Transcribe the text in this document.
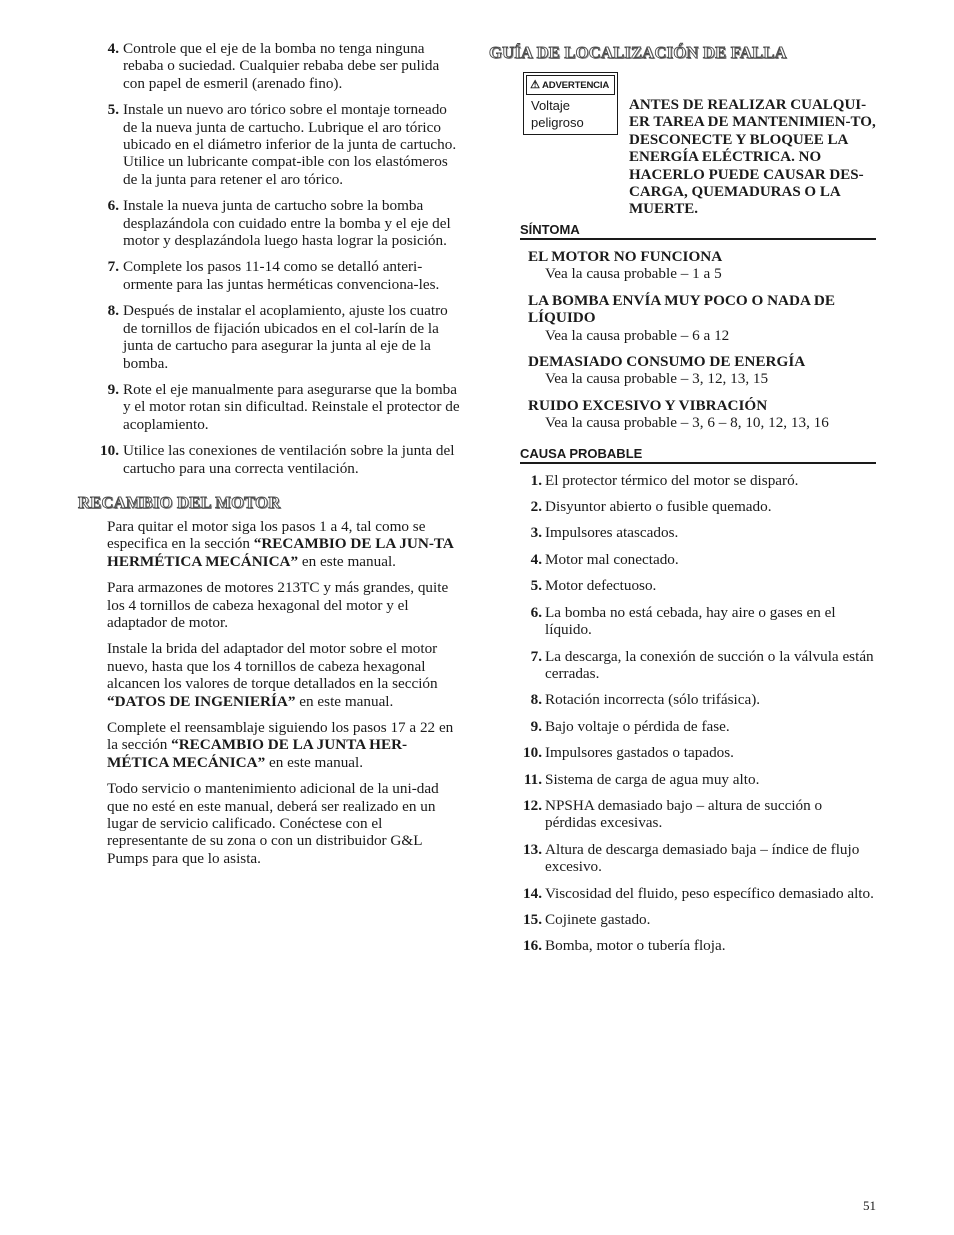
4. Controle que el eje de la bomba no tenga ninguna rebaba o suciedad. Cualquier rebaba debe ser pulida con papel de esmeril (arenado fino).
5. Instale un nuevo aro tórico sobre el montaje torneado de la nueva junta de cartucho. Lubrique el aro tórico ubicado en el diámetro inferior de la junta de cartucho. Utilice un lubricante compat-ible con los elastómeros de la junta para retener el aro tórico.
6. Instale la nueva junta de cartucho sobre la bomba desplazándola con cuidado entre la bomba y el eje del motor y desplazándola luego hasta lograr la posición.
7. Complete los pasos 11-14 como se detalló anteri-ormente para las juntas herméticas convenciona-les.
8. Después de instalar el acoplamiento, ajuste los cuatro de tornillos de fijación ubicados en el col-larín de la junta de cartucho para asegurar la junta al eje de la bomba.
9. Rote el eje manualmente para asegurarse que la bomba y el motor rotan sin dificultad. Reinstale el protector de acoplamiento.
10. Utilice las conexiones de ventilación sobre la junta del cartucho para una correcta ventilación.
RECAMBIO DEL MOTOR

Para quitar el motor siga los pasos 1 a 4, tal como se especifica en la sección “RECAMBIO DE LA JUN-TA HERMÉTICA MECÁNICA” en este manual.

Para armazones de motores 213TC y más grandes, quite los 4 tornillos de cabeza hexagonal del motor y el adaptador de motor.

Instale la brida del adaptador del motor sobre el motor nuevo, hasta que los 4 tornillos de cabeza hexagonal alcancen los valores de torque detallados en la sección “DATOS DE INGENIERÍA” en este manual.

Complete el reensamblaje siguiendo los pasos 17 a 22 en la sección “RECAMBIO DE LA JUNTA HER-MÉTICA MECÁNICA” en este manual.

Todo servicio o mantenimiento adicional de la uni-dad que no esté en este manual, deberá ser realizado en un lugar de servicio calificado. Conéctese con el representante de su zona o con un distribuidor G&L Pumps para que lo asista.

GUÍA DE LOCALIZACIÓN DE FALLA
⚠ ADVERTENCIA
Voltaje peligroso
ANTES DE REALIZAR CUALQUI-ER TAREA DE MANTENIMIEN-TO, DESCONECTE Y BLOQUEE LA ENERGÍA ELÉCTRICA. NO HACERLO PUEDE CAUSAR DES-CARGA, QUEMADURAS O LA MUERTE.
SÍNTOMA
EL MOTOR NO FUNCIONA
Vea la causa probable – 1 a 5
LA BOMBA ENVÍA MUY POCO O NADA DE LÍQUIDO
Vea la causa probable – 6 a 12
DEMASIADO CONSUMO DE ENERGÍA
Vea la causa probable – 3, 12, 13, 15
RUIDO EXCESIVO Y VIBRACIÓN
Vea la causa probable – 3, 6 – 8, 10, 12, 13, 16
CAUSA PROBABLE
1. El protector térmico del motor se disparó.
2. Disyuntor abierto o fusible quemado.
3. Impulsores atascados.
4. Motor mal conectado.
5. Motor defectuoso.
6. La bomba no está cebada, hay aire o gases en el líquido.
7. La descarga, la conexión de succión o la válvula están cerradas.
8. Rotación incorrecta (sólo trifásica).
9. Bajo voltaje o pérdida de fase.
10. Impulsores gastados o tapados.
11. Sistema de carga de agua muy alto.
12. NPSHA demasiado bajo – altura de succión o pérdidas excesivas.
13. Altura de descarga demasiado baja – índice de flujo excesivo.
14. Viscosidad del fluido, peso específico demasiado alto.
15. Cojinete gastado.
16. Bomba, motor o tubería floja.
51
